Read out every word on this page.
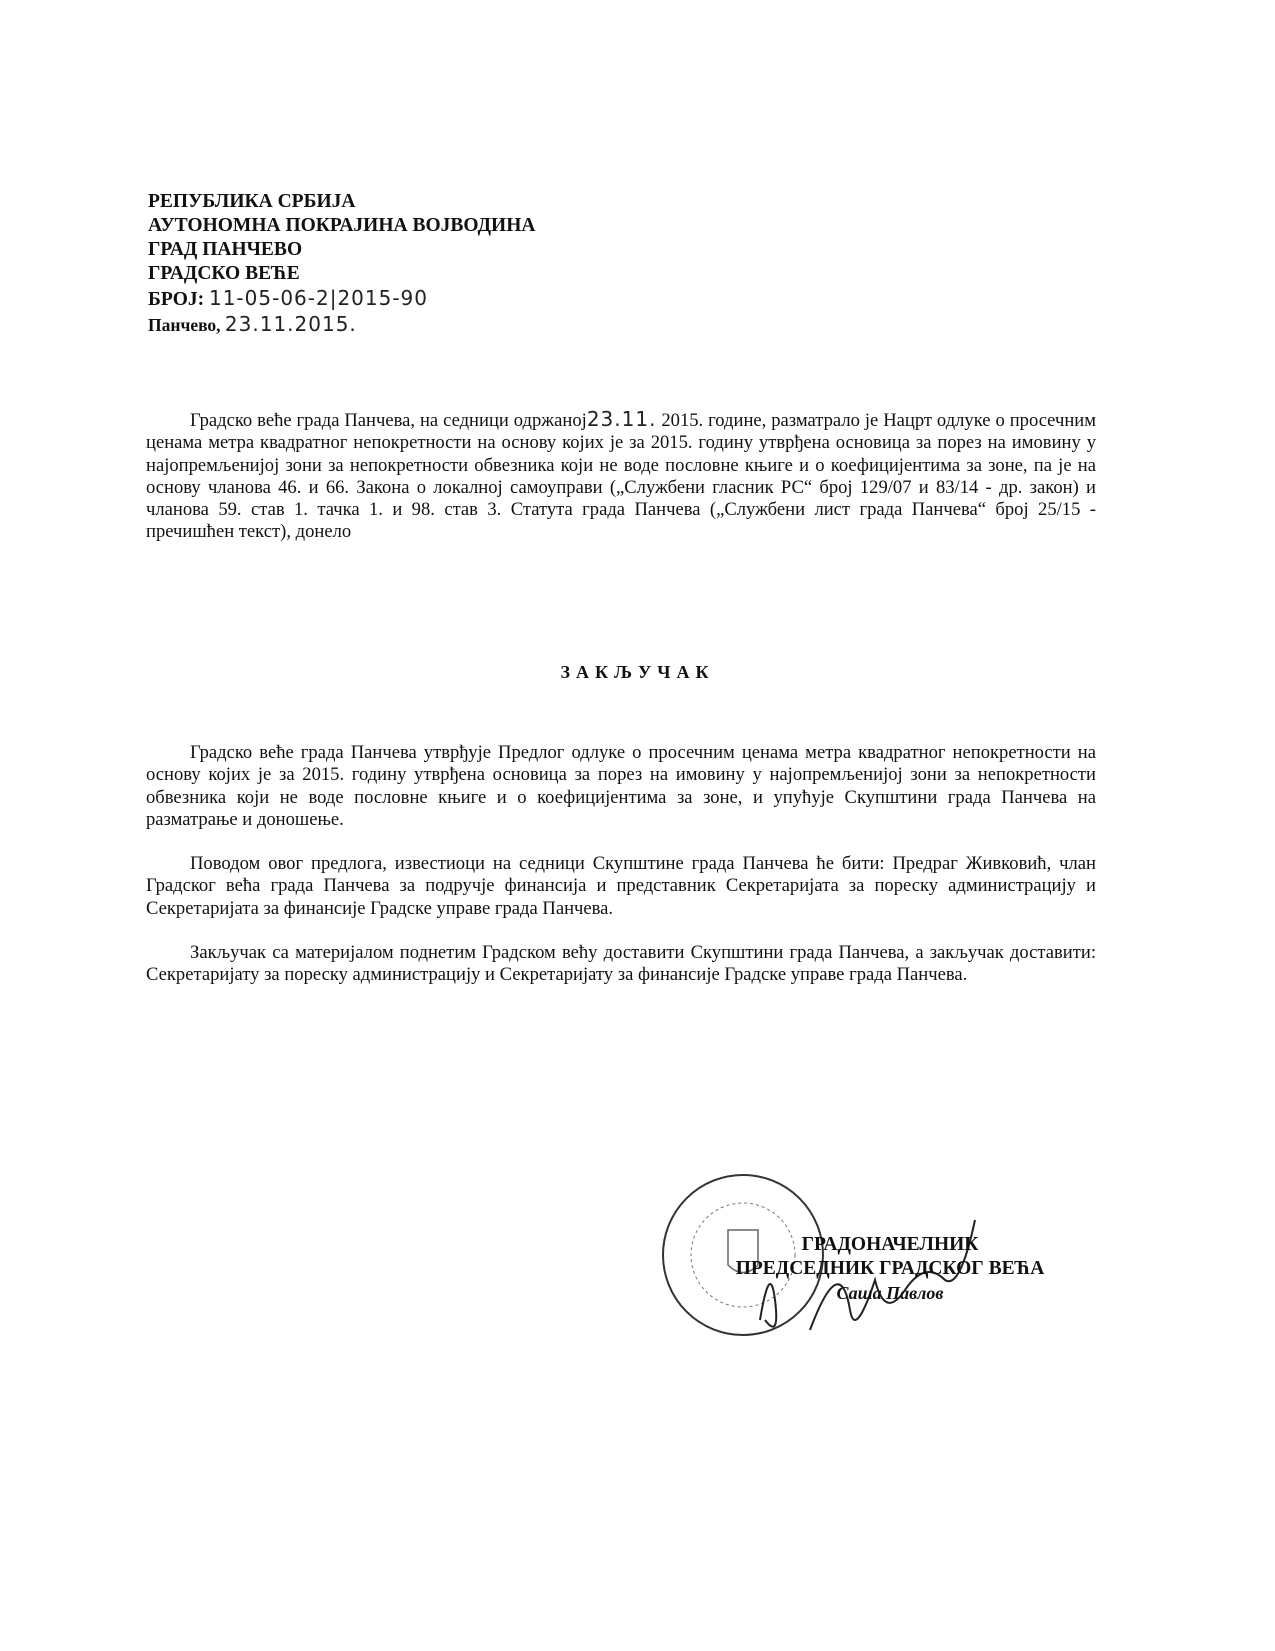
РЕПУБЛИКА СРБИЈА
АУТОНОМНА ПОКРАЈИНА ВОЈВОДИНА
ГРАД ПАНЧЕВО
ГРАДСКО ВЕЋЕ
БРОЈ: 11-05-06-2|2015-90
Панчево, 23.11.2015.

Градско веће града Панчева, на седници одржаној23.11. 2015. године, разматрало је Нацрт одлуке о просечним ценама метра квадратног непокретности на основу којих је за 2015. годину утврђена основица за порез на имовину у најопремљенијој зони за непокретности обвезника који не воде пословне књиге и о коефицијентима за зоне, па је на основу чланова 46. и 66. Закона о локалној самоуправи („Службени гласник РС“ број 129/07 и 83/14 - др. закон) и чланова 59. став 1. тачка 1. и 98. став 3. Статута града Панчева („Службени лист града Панчева“ број 25/15 - пречишћен текст), донело

ЗАКЉУЧАК

Градско веће града Панчева утврђује Предлог одлуке о просечним ценама метра квадратног непокретности на основу којих је за 2015. годину утврђена основица за порез на имовину у најопремљенијој зони за непокретности обвезника који не воде пословне књиге и о коефицијентима за зоне, и упућује Скупштини града Панчева на разматрање и доношење.

Поводом овог предлога, известиоци на седници Скупштине града Панчева ће бити: Предраг Живковић, члан Градског већа града Панчева за подручје финансија и представник Секретаријата за пореску администрацију и Секретаријата за финансије Градске управе града Панчева.

Закључак са материјалом поднетим Градском већу доставити Скупштини града Панчева, а закључак доставити: Секретаријату за пореску администрацију и Секретаријату за финансије Градске управе града Панчева.

ГРАДОНАЧЕЛНИК
ПРЕДСЕДНИК ГРАДСКОГ ВЕЋА
Саша Павлов
